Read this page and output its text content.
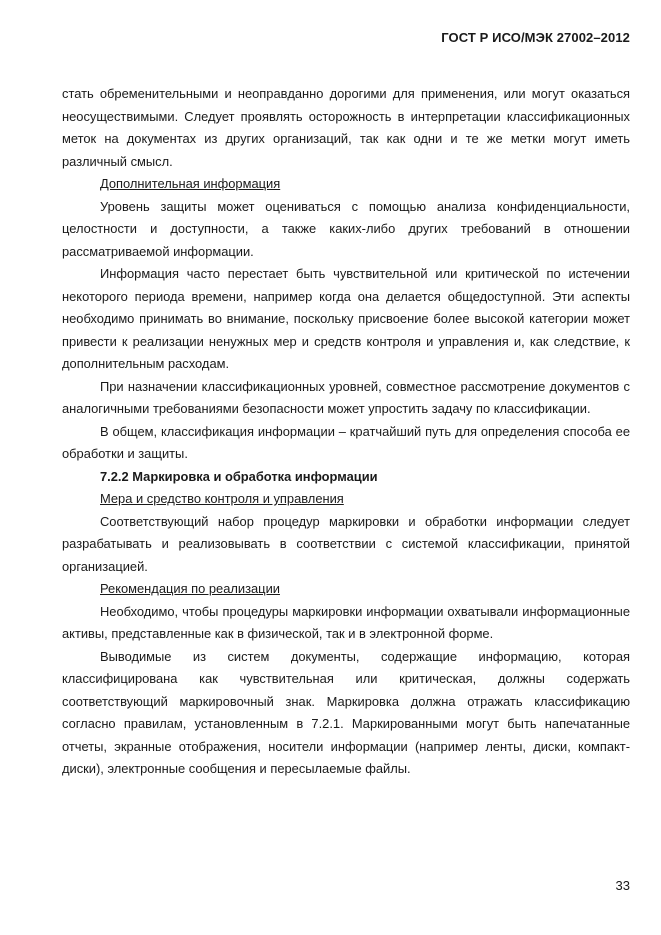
ГОСТ Р ИСО/МЭК 27002–2012

стать обременительными и неоправданно дорогими для применения, или могут оказаться неосуществимыми. Следует проявлять осторожность в интерпретации классификационных меток на документах из других организаций, так как одни и те же метки могут иметь различный смысл.

Дополнительная информация

Уровень защиты может оцениваться с помощью анализа конфиденциальности, целостности и доступности, а также каких-либо других требований в отношении рассматриваемой информации.

Информация часто перестает быть чувствительной или критической по истечении некоторого периода времени, например когда она делается общедоступной. Эти аспекты необходимо принимать во внимание, поскольку присвоение более высокой категории может привести к реализации ненужных мер и средств контроля и управления и, как следствие, к дополнительным расходам.

При назначении классификационных уровней, совместное рассмотрение документов с аналогичными требованиями безопасности может упростить задачу по классификации.

В общем, классификация информации – кратчайший путь для определения способа ее обработки и защиты.

7.2.2 Маркировка и обработка информации

Мера и средство контроля и управления

Соответствующий набор процедур маркировки и обработки информации следует разрабатывать и реализовывать в соответствии с системой классификации, принятой организацией.

Рекомендация по реализации

Необходимо, чтобы процедуры маркировки информации охватывали информационные активы, представленные как в физической, так и в электронной форме.

Выводимые из систем документы, содержащие информацию, которая классифицирована как чувствительная или критическая, должны содержать соответствующий маркировочный знак. Маркировка должна отражать классификацию согласно правилам, установленным в 7.2.1. Маркированными могут быть напечатанные отчеты, экранные отображения, носители информации (например ленты, диски, компакт-диски), электронные сообщения и пересылаемые файлы.

33
